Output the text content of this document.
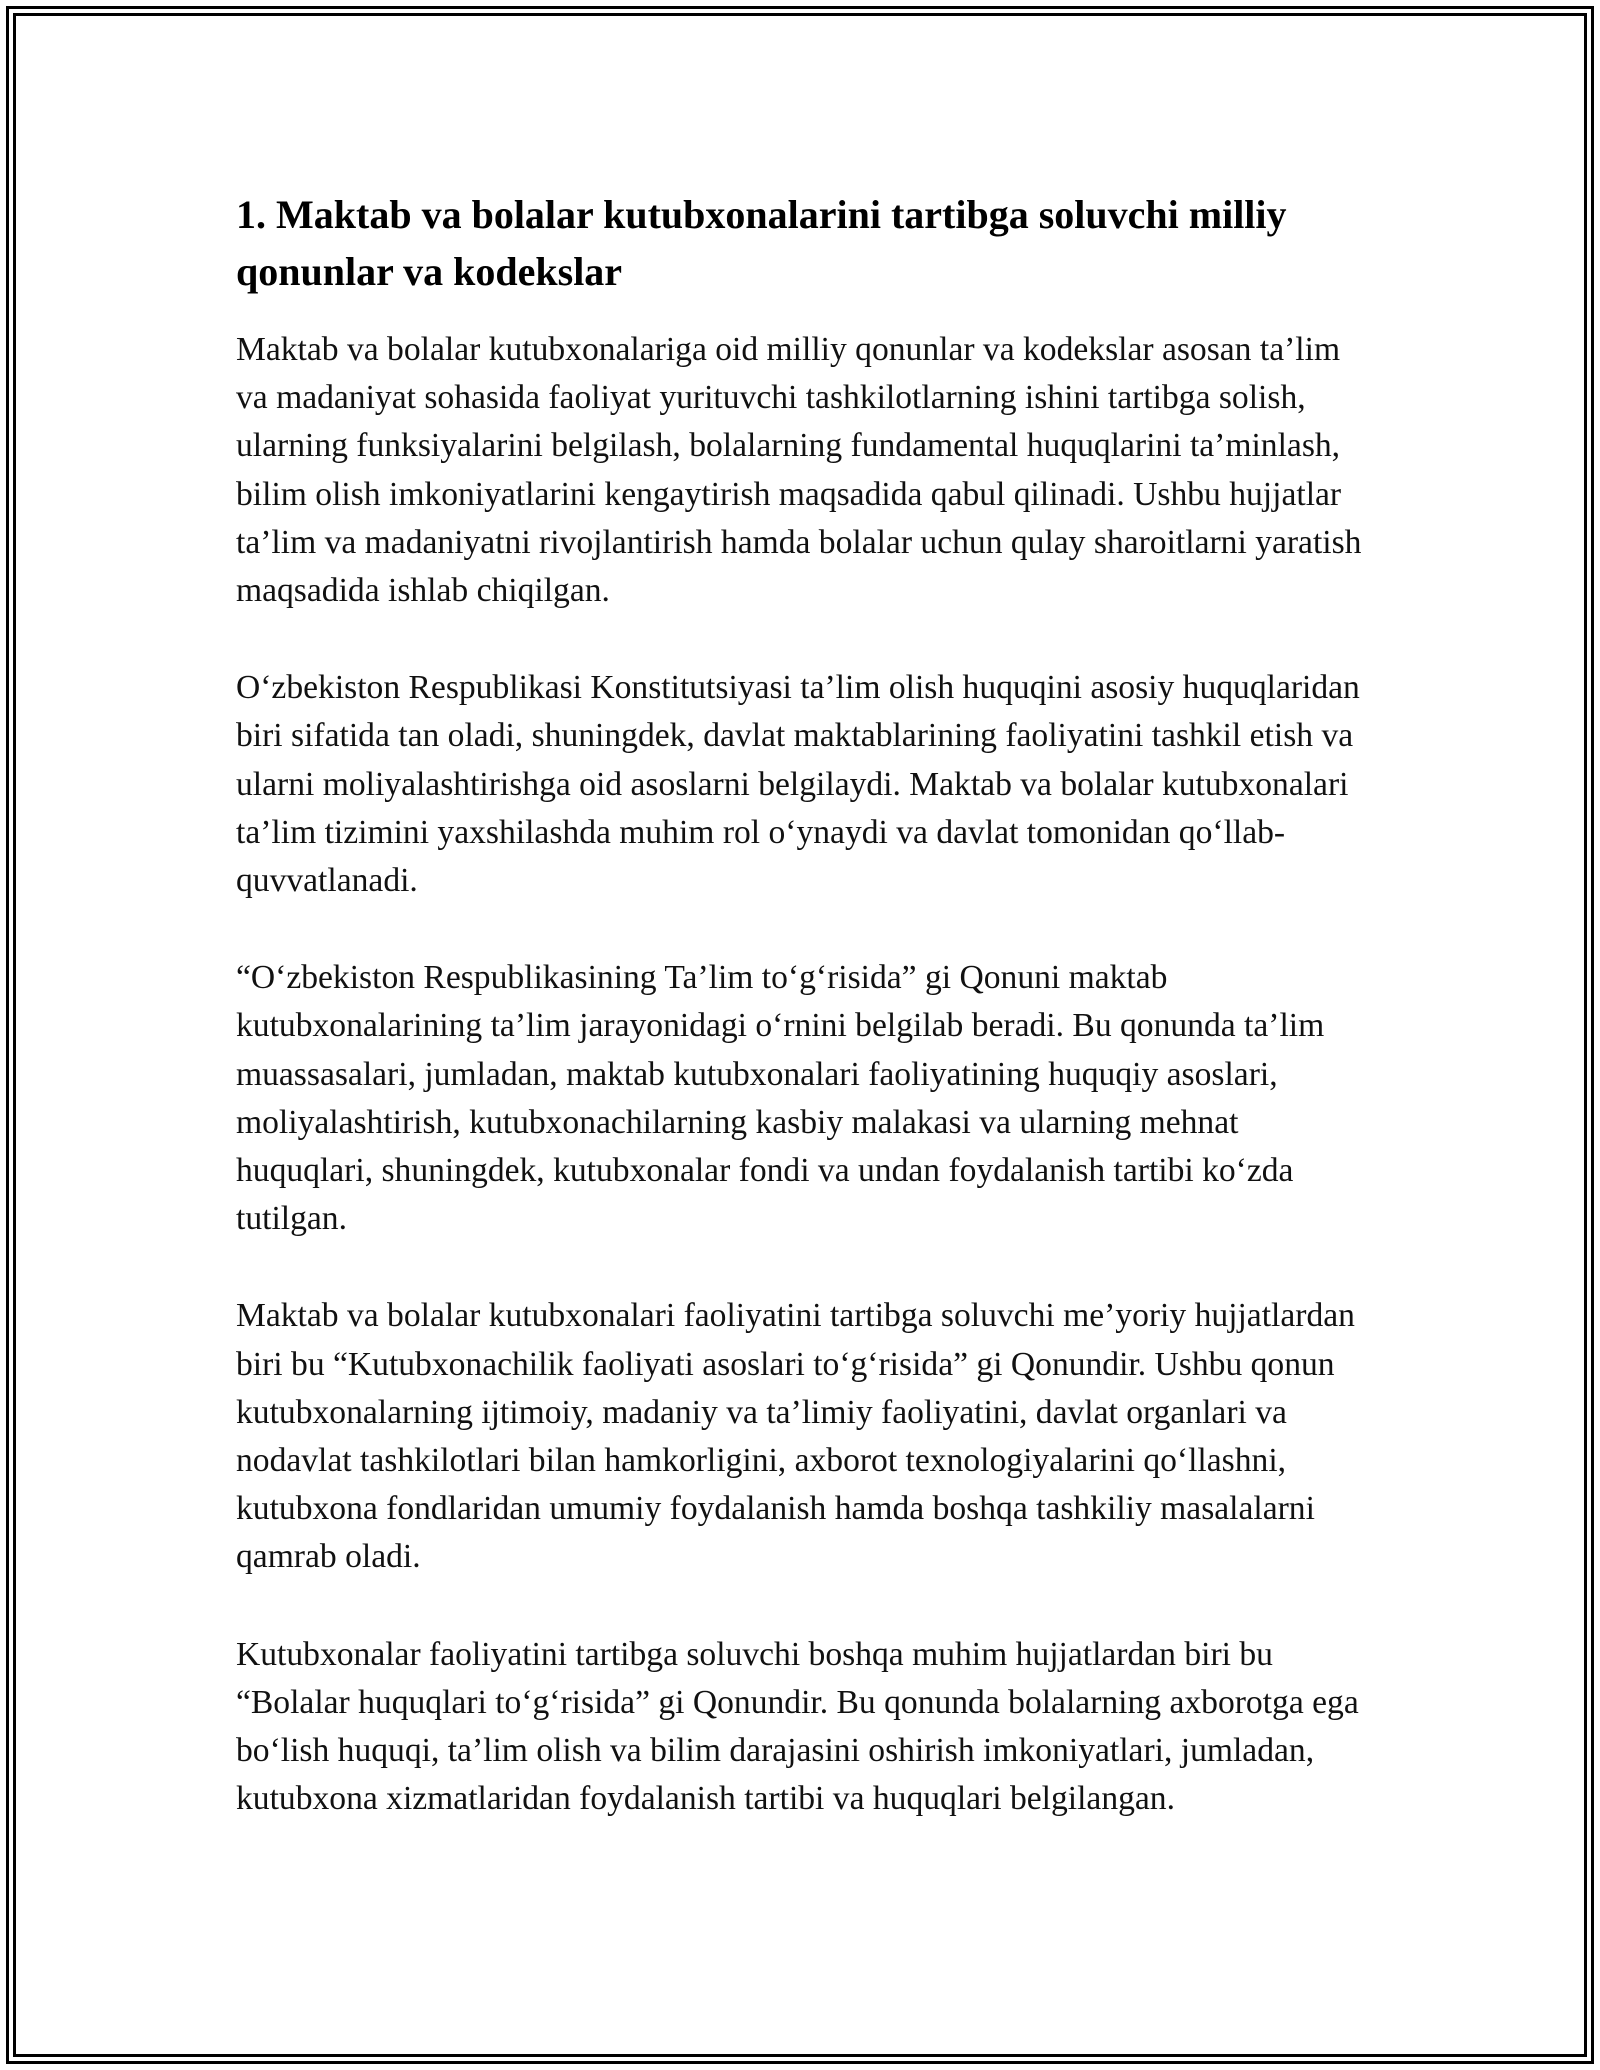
1. Maktab va bolalar kutubxonalarini tartibga soluvchi milliy qonunlar va kodekslar

Maktab va bolalar kutubxonalariga oid milliy qonunlar va kodekslar asosan ta’lim va madaniyat sohasida faoliyat yurituvchi tashkilotlarning ishini tartibga solish, ularning funksiyalarini belgilash, bolalarning fundamental huquqlarini ta’minlash, bilim olish imkoniyatlarini kengaytirish maqsadida qabul qilinadi. Ushbu hujjatlar ta’lim va madaniyatni rivojlantirish hamda bolalar uchun qulay sharoitlarni yaratish maqsadida ishlab chiqilgan.

O‘zbekiston Respublikasi Konstitutsiyasi ta’lim olish huquqini asosiy huquqlaridan biri sifatida tan oladi, shuningdek, davlat maktablarining faoliyatini tashkil etish va ularni moliyalashtirishga oid asoslarni belgilaydi. Maktab va bolalar kutubxonalari ta’lim tizimini yaxshilashda muhim rol o‘ynaydi va davlat tomonidan qo‘llab-quvvatlanadi.

“O‘zbekiston Respublikasining Ta’lim to‘g‘risida” gi Qonuni maktab kutubxonalarining ta’lim jarayonidagi o‘rnini belgilab beradi. Bu qonunda ta’lim muassasalari, jumladan, maktab kutubxonalari faoliyatining huquqiy asoslari, moliyalashtirish, kutubxonachilarning kasbiy malakasi va ularning mehnat huquqlari, shuningdek, kutubxonalar fondi va undan foydalanish tartibi ko‘zda tutilgan.

Maktab va bolalar kutubxonalari faoliyatini tartibga soluvchi me’yoriy hujjatlardan biri bu “Kutubxonachilik faoliyati asoslari to‘g‘risida” gi Qonundir. Ushbu qonun kutubxonalarning ijtimoiy, madaniy va ta’limiy faoliyatini, davlat organlari va nodavlat tashkilotlari bilan hamkorligini, axborot texnologiyalarini qo‘llashni, kutubxona fondlaridan umumiy foydalanish hamda boshqa tashkiliy masalalarni qamrab oladi.

Kutubxonalar faoliyatini tartibga soluvchi boshqa muhim hujjatlardan biri bu “Bolalar huquqlari to‘g‘risida” gi Qonundir. Bu qonunda bolalarning axborotga ega bo‘lish huquqi, ta’lim olish va bilim darajasini oshirish imkoniyatlari, jumladan, kutubxona xizmatlaridan foydalanish tartibi va huquqlari belgilangan.
